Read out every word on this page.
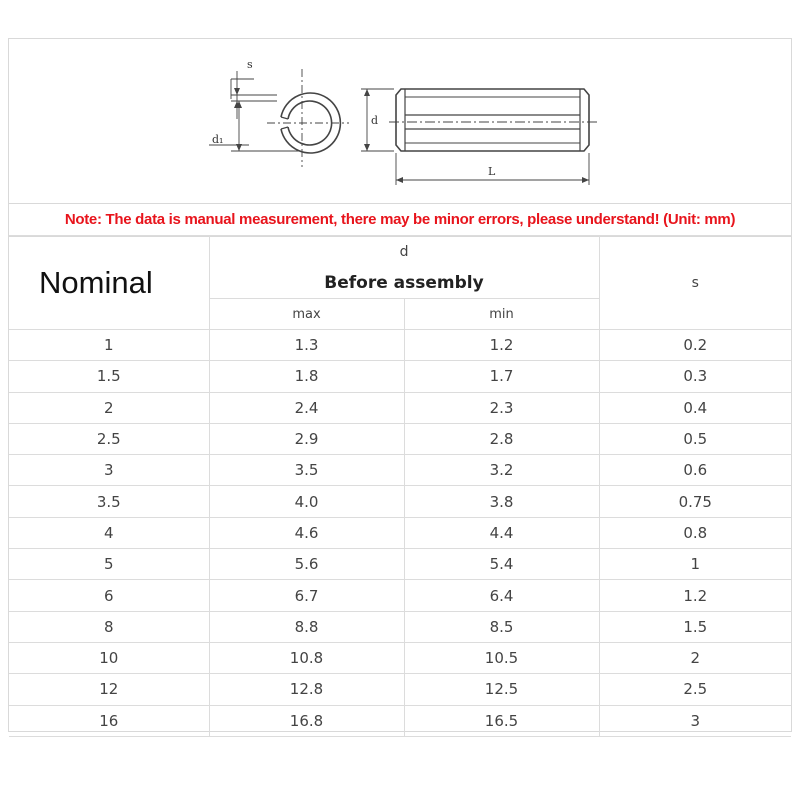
s
d₁
d
L
Note: The data is manual measurement, there may be minor errors, please understand! (Unit: mm)
Nominal	d		s
	Before assembly		
	max	min	
1	1.3	1.2	0.2
1.5	1.8	1.7	0.3
2	2.4	2.3	0.4
2.5	2.9	2.8	0.5
3	3.5	3.2	0.6
3.5	4.0	3.8	0.75
4	4.6	4.4	0.8
5	5.6	5.4	1
6	6.7	6.4	1.2
8	8.8	8.5	1.5
10	10.8	10.5	2
12	12.8	12.5	2.5
16	16.8	16.5	3
